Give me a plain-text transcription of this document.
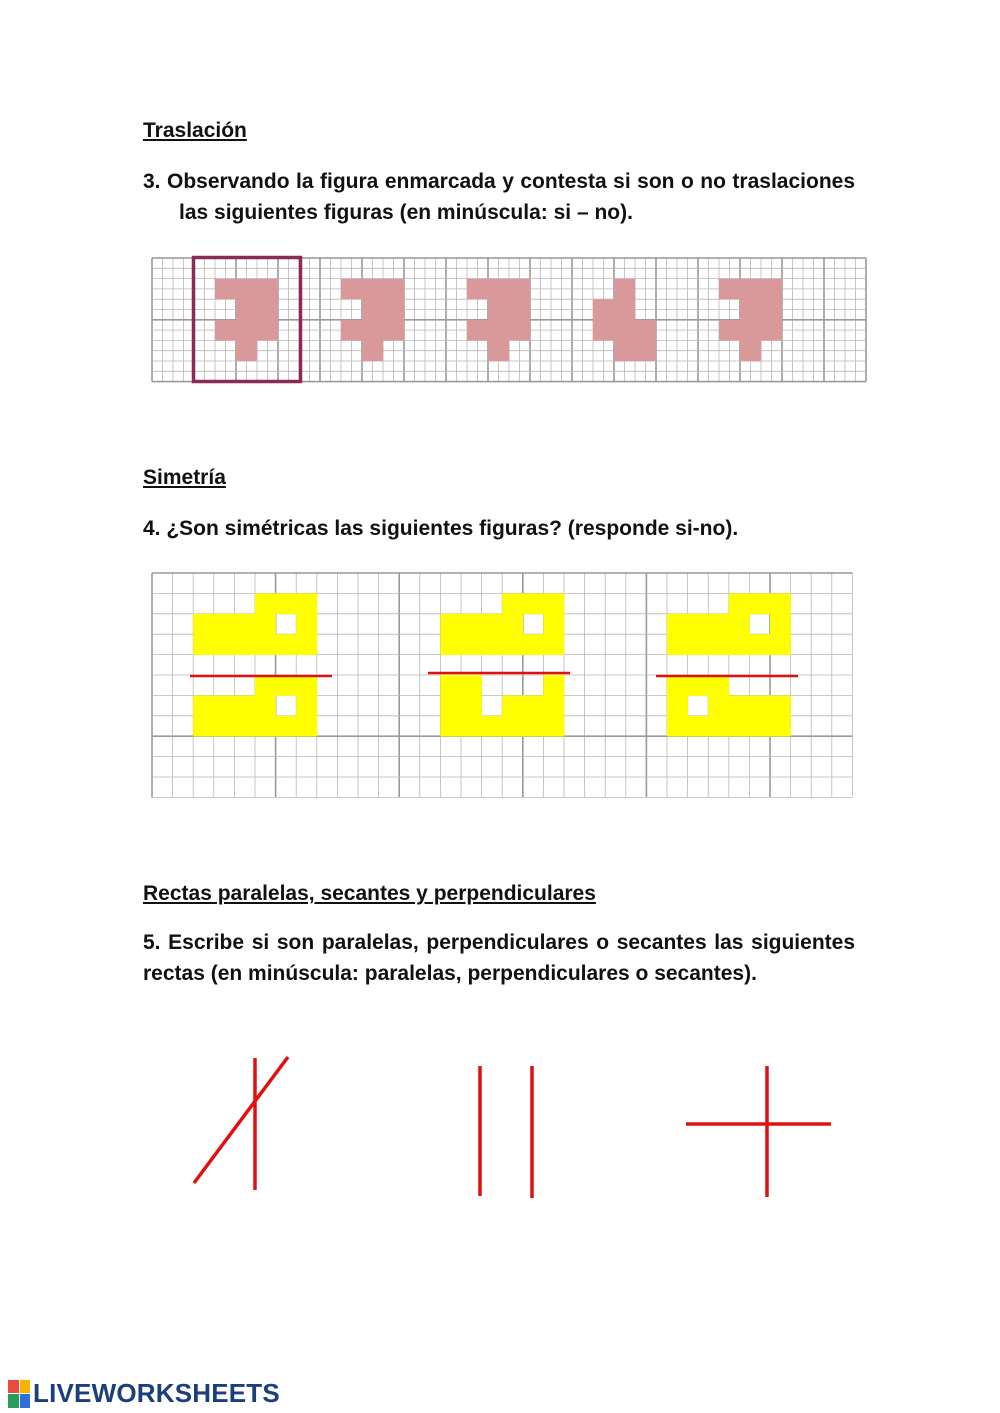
Traslación

3. Observando la figura enmarcada y contesta si son o no traslaciones las siguientes figuras (en minúscula: si – no).

Simetría

4. ¿Son simétricas las siguientes figuras? (responde si-no).

Rectas paralelas, secantes y perpendiculares

5. Escribe si son paralelas, perpendiculares o secantes las siguientes rectas (en minúscula: paralelas, perpendiculares o secantes).

LIVEWORKSHEETS
